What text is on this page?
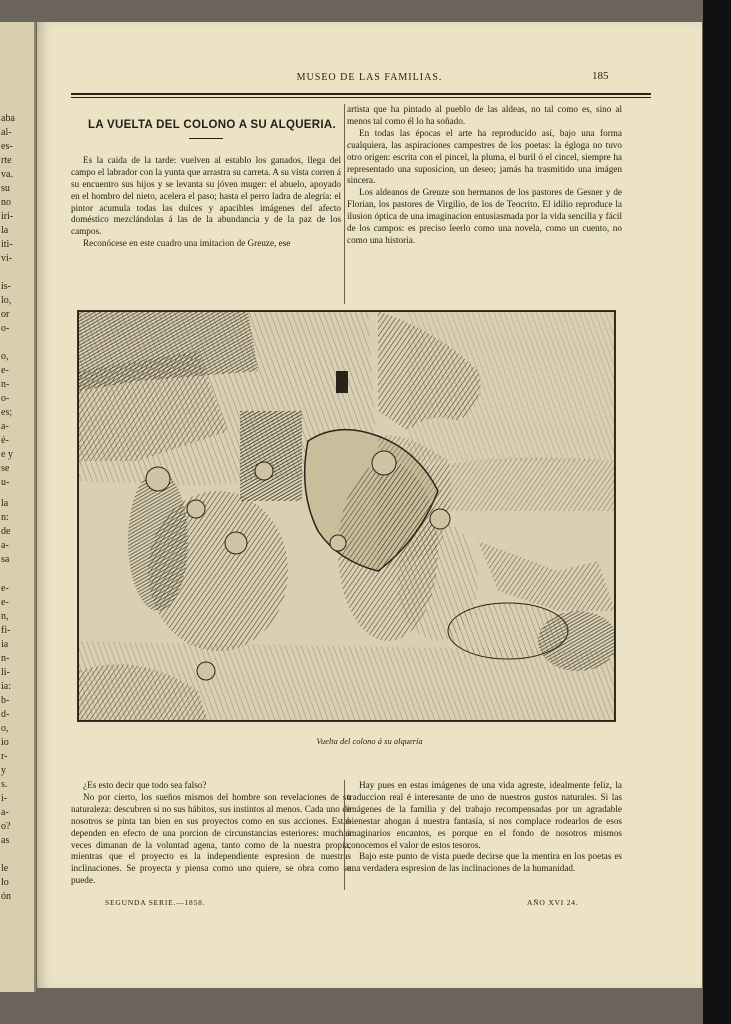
aba
al-
es-
rte
va.
su
no
iri-
la
iti-
vi-

is-
lo,
or
o-

o,
e-
n-
o-
es;
a-
é-
e y
se
u-
la
n:
de
a-
sa
e-
e-
n,
fi-
ia
n-
li-
ia:
b-
d-
o,
io
r-
y
s.
i-
a-
o?
as

le
lo
ón
MUSEO DE LAS FAMILIAS.	185

LA VUELTA DEL COLONO A SU ALQUERIA.

Es la caida de la tarde: vuelven al establo los ganados, llega del campo el labrador con la yunta que arrastra su carreta. A su vista corren á su encuentro sus hijos y se levanta su jóven muger: el abuelo, apoyado en el hombro del nieto, acelera el paso; hasta el perro ladra de alegría: el pintor acumula todas las dulces y apacibles imágenes del afecto doméstico mezclándolas á las de la abundancia y de la paz de los campos.

Reconócese en este cuadro una imitacion de Greuze, ese

artista que ha pintado al pueblo de las aldeas, no tal como es, sino al menos tal como él lo ha soñado.

En todas las épocas el arte ha reproducido así, bajo una forma cualquiera, las aspiraciones campestres de los poetas: la égloga no tuvo otro origen: escrita con el pincel, la pluma, el buril ó el cincel, siempre ha representado una suposicion, un deseo; jamás ha trasmitido una imágen sincera.

Los aldeanos de Greuze son hermanos de los pastores de Gesner y de Florian, los pastores de Virgilio, de los de Teocrito. El idilio reproduce la ilusion óptica de una imaginacion entusiasmada por la vida sencilla y fácil de los campos: es preciso leerlo como una novela, como un cuento, no como una historia.

Vuelta del colono á su alquería

¿Es esto decir que todo sea falso?

No por cierto, los sueños mismos del hombre son revelaciones de su naturaleza: descubren si no sus hábitos, sus instintos al menos. Cada uno de nosotros se pinta tan bien en sus proyectos como en sus acciones. Estas dependen en efecto de una porcion de circunstancias esteriores: muchas veces dimanan de la voluntad agena, tanto como de la nuestra propia, mientras que el proyecto es la independiente espresion de nuestras inclinaciones. Se proyecta y piensa como uno quiere, se obra como se puede.

Hay pues en estas imágenes de una vida agreste, idealmente feliz, la traduccion real é interesante de uno de nuestros gustos naturales. Si las imágenes de la familia y del trabajo recompensadas por un agradable bienestar ahogan á nuestra fantasía, si nos complace rodearlos de esos imaginarios encantos, es porque en el fondo de nosotros mismos conocemos el valor de estos tesoros.

Bajo este punto de vista puede decirse que la mentira en los poetas es una verdadera espresion de las inclinaciones de la humanidad.

SEGUNDA SERIE.—1858.	AÑO XVI 24.
